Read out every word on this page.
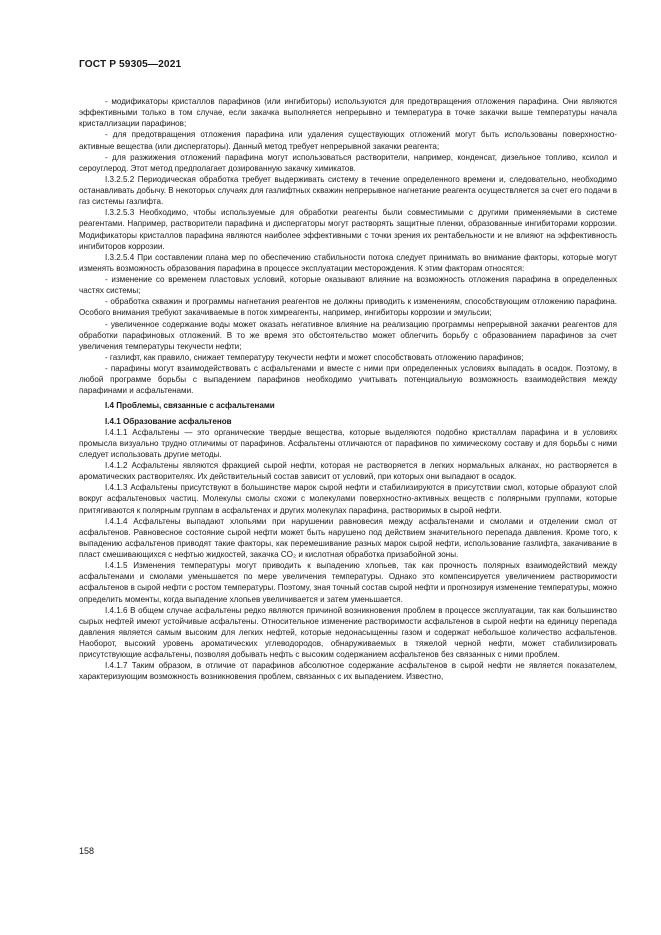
ГОСТ Р 59305—2021

- модификаторы кристаллов парафинов (или ингибиторы) используются для предотвращения отложения парафина. Они являются эффективными только в том случае, если закачка выполняется непрерывно и температура в точке закачки выше температуры начала кристаллизации парафинов;

- для предотвращения отложения парафина или удаления существующих отложений могут быть использованы поверхностно-активные вещества (или диспергаторы). Данный метод требует непрерывной закачки реагента;

- для разжижения отложений парафина могут использоваться растворители, например, конденсат, дизельное топливо, ксилол и сероуглерод. Этот метод предполагает дозированную закачку химикатов.

I.3.2.5.2 Периодическая обработка требует выдерживать систему в течение определенного времени и, следовательно, необходимо останавливать добычу. В некоторых случаях для газлифтных скважин непрерывное нагнетание реагента осуществляется за счет его подачи в газ системы газлифта.

I.3.2.5.3 Необходимо, чтобы используемые для обработки реагенты были совместимыми с другими применяемыми в системе реагентами. Например, растворители парафина и диспергаторы могут растворять защитные пленки, образованные ингибиторами коррозии. Модификаторы кристаллов парафина являются наиболее эффективными с точки зрения их рентабельности и не влияют на эффективность ингибиторов коррозии.

I.3.2.5.4 При составлении плана мер по обеспечению стабильности потока следует принимать во внимание факторы, которые могут изменять возможность образования парафина в процессе эксплуатации месторождения. К этим факторам относятся:

- изменение со временем пластовых условий, которые оказывают влияние на возможность отложения парафина в определенных частях системы;

- обработка скважин и программы нагнетания реагентов не должны приводить к изменениям, способствующим отложению парафина. Особого внимания требуют закачиваемые в поток химреагенты, например, ингибиторы коррозии и эмульсии;

- увеличенное содержание воды может оказать негативное влияние на реализацию программы непрерывной закачки реагентов для обработки парафиновых отложений. В то же время это обстоятельство может облегчить борьбу с образованием парафинов за счет увеличения температуры текучести нефти;

- газлифт, как правило, снижает температуру текучести нефти и может способствовать отложению парафинов;

- парафины могут взаимодействовать с асфальтенами и вместе с ними при определенных условиях выпадать в осадок. Поэтому, в любой программе борьбы с выпадением парафинов необходимо учитывать потенциальную возможность взаимодействия между парафинами и асфальтенами.

I.4 Проблемы, связанные с асфальтенами

I.4.1 Образование асфальтенов

I.4.1.1 Асфальтены — это органические твердые вещества, которые выделяются подобно кристаллам парафина и в условиях промысла визуально трудно отличимы от парафинов. Асфальтены отличаются от парафинов по химическому составу и для борьбы с ними следует использовать другие методы.

I.4.1.2 Асфальтены являются фракцией сырой нефти, которая не растворяется в легких нормальных алканах, но растворяется в ароматических растворителях. Их действительный состав зависит от условий, при которых они выпадают в осадок.

I.4.1.3 Асфальтены присутствуют в большинстве марок сырой нефти и стабилизируются в присутствии смол, которые образуют слой вокруг асфальтеновых частиц. Молекулы смолы схожи с молекулами поверхностно-активных веществ с полярными группами, которые притягиваются к полярным группам в асфальтенах и других молекулах парафина, растворимых в сырой нефти.

I.4.1.4 Асфальтены выпадают хлопьями при нарушении равновесия между асфальтенами и смолами и отделении смол от асфальтенов. Равновесное состояние сырой нефти может быть нарушено под действием значительного перепада давления. Кроме того, к выпадению асфальтенов приводят такие факторы, как перемешивание разных марок сырой нефти, использование газлифта, закачивание в пласт смешивающихся с нефтью жидкостей, закачка CO₂ и кислотная обработка призабойной зоны.

I.4.1.5 Изменения температуры могут приводить к выпадению хлопьев, так как прочность полярных взаимодействий между асфальтенами и смолами уменьшается по мере увеличения температуры. Однако это компенсируется увеличением растворимости асфальтенов в сырой нефти с ростом температуры. Поэтому, зная точный состав сырой нефти и прогнозируя изменение температуры, можно определить моменты, когда выпадение хлопьев увеличивается и затем уменьшается.

I.4.1.6 В общем случае асфальтены редко являются причиной возникновения проблем в процессе эксплуатации, так как большинство сырых нефтей имеют устойчивые асфальтены. Относительное изменение растворимости асфальтенов в сырой нефти на единицу перепада давления является самым высоким для легких нефтей, которые недонасыщенны газом и содержат небольшое количество асфальтенов. Наоборот, высокий уровень ароматических углеводородов, обнаруживаемых в тяжелой черной нефти, может стабилизировать присутствующие асфальтены, позволяя добывать нефть с высоким содержанием асфальтенов без связанных с ними проблем.

I.4.1.7 Таким образом, в отличие от парафинов абсолютное содержание асфальтенов в сырой нефти не является показателем, характеризующим возможность возникновения проблем, связанных с их выпадением. Известно,

158
